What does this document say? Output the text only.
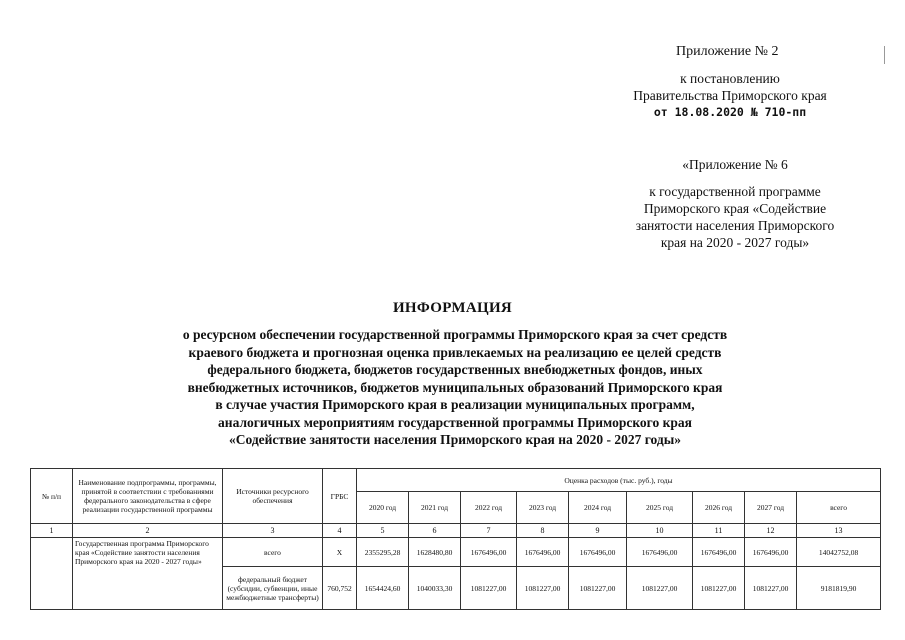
Приложение № 2
к постановлению
Правительства Приморского края
от 18.08.2020 № 710-пп
«Приложение № 6
к государственной программе
Приморского края «Содействие
занятости населения Приморского
края на 2020 - 2027 годы»
ИНФОРМАЦИЯ
о ресурсном обеспечении государственной программы Приморского края за счет средств
краевого бюджета и прогнозная оценка привлекаемых на реализацию ее целей средств
федерального бюджета, бюджетов государственных внебюджетных фондов, иных
внебюджетных источников, бюджетов муниципальных образований Приморского края
в случае участия Приморского края в реализации муниципальных программ,
аналогичных мероприятиям государственной программы Приморского края
«Содействие занятости населения Приморского края на 2020 - 2027 годы»
№ п/п	Наименование подпрограммы, программы, принятой в соответствии с требованиями федерального законодательства в сфере реализации государственной программы	Источники ресурсного обеспечения	ГРБС	Оценка расходов (тыс. руб.), годы								
				2020 год	2021 год	2022 год	2023 год	2024 год	2025 год	2026 год	2027 год	всего
1	2	3	4	5	6	7	8	9	10	11	12	13
	Государственная программа Приморского края «Содействие занятости населения Приморского края на 2020 - 2027 годы»	всего	X	2355295,28	1628480,80	1676496,00	1676496,00	1676496,00	1676496,00	1676496,00	1676496,00	14042752,08
		федеральный бюджет (субсидии, субвенции, иные межбюджетные трансферты)	760,752	1654424,60	1040033,30	1081227,00	1081227,00	1081227,00	1081227,00	1081227,00	1081227,00	9181819,90
